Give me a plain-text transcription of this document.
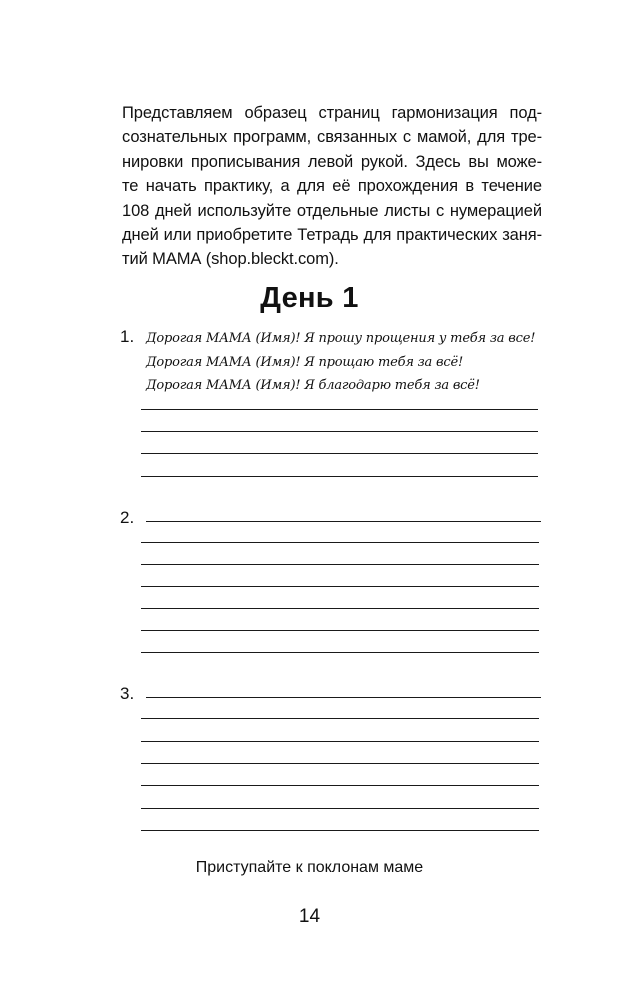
Представляем образец страниц гармонизация под-
сознательных программ, связанных с мамой, для тре-
нировки прописывания левой рукой. Здесь вы може-
те начать практику, а для её прохождения в течение
108 дней используйте отдельные листы с нумерацией
дней или приобретите Тетрадь для практических заня-
тий МАМА (shop.bleckt.com).
День 1
1. Дорогая МАМА (Имя)! Я прошу прощения у тебя за все!
Дорогая МАМА (Имя)! Я прощаю тебя за всё!
Дорогая МАМА (Имя)! Я благодарю тебя за всё!
2.
3.
Приступайте к поклонам маме
14
